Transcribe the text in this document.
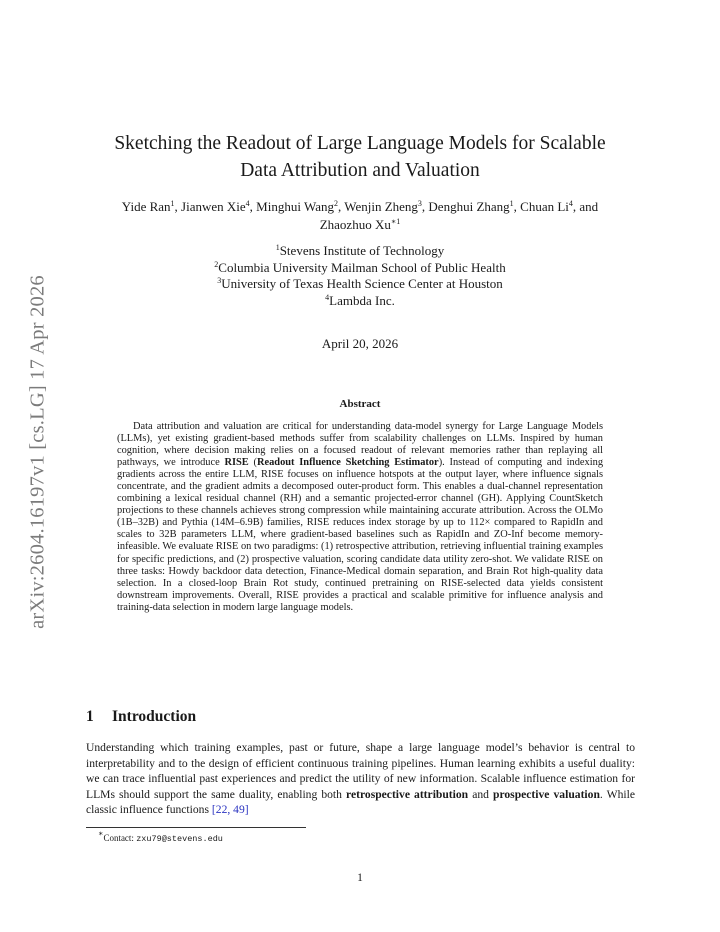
arXiv:2604.16197v1 [cs.LG] 17 Apr 2026
Sketching the Readout of Large Language Models for Scalable
Data Attribution and Valuation
Yide Ran$^1$, Jianwen Xie$^4$, Minghui Wang$^2$, Wenjin Zheng$^3$, Denghui Zhang$^1$, Chuan Li$^4$, and
Zhaozhuo $Xu^{∗1}$
$^1$Stevens Institute of Technology
$^2$Columbia University Mailman School of Public Health
$^3$University of Texas Health Science Center at Houston
$^4$Lambda Inc.
April 20, 2026
Abstract

Data attribution and valuation are critical for understanding data-model synergy for Large Language Models (LLMs), yet existing gradient-based methods suffer from scalability challenges on LLMs. Inspired by human cognition, where decision making relies on a focused readout of relevant memories rather than replaying all pathways, we introduce RISE (Readout Influence Sketching Estimator). Instead of computing and indexing gradients across the entire LLM, RISE focuses on influence hotspots at the output layer, where influence signals concentrate, and the gradient admits a decomposed outer-product form. This enables a dual-channel representation combining a lexical residual channel (RH) and a semantic projected-error channel (GH). Applying CountSketch projections to these channels achieves strong compression while maintaining accurate attribution. Across the OLMo (1B–32B) and Pythia (14M–6.9B) families, RISE reduces index storage by up to 112× compared to RapidIn and scales to 32B parameters LLM, where gradient-based baselines such as RapidIn and ZO-Inf become memory-infeasible. We evaluate RISE on two paradigms: (1) retrospective attribution, retrieving influential training examples for specific predictions, and (2) prospective valuation, scoring candidate data utility zero-shot. We validate RISE on three tasks: Howdy backdoor data detection, Finance-Medical domain separation, and Brain Rot high-quality data selection. In a closed-loop Brain Rot study, continued pretraining on RISE-selected data yields consistent downstream improvements. Overall, RISE provides a practical and scalable primitive for influence analysis and training-data selection in modern large language models.

1 Introduction

Understanding which training examples, past or future, shape a large language model’s behavior is central to interpretability and to the design of efficient continuous training pipelines. Human learning exhibits a useful duality: we can trace influential past experiences and predict the utility of new information. Scalable influence estimation for LLMs should support the same duality, enabling both retrospective attribution and prospective valuation. While classic influence functions [22, 49]

∗Contact: zxu79@stevens.edu
1
